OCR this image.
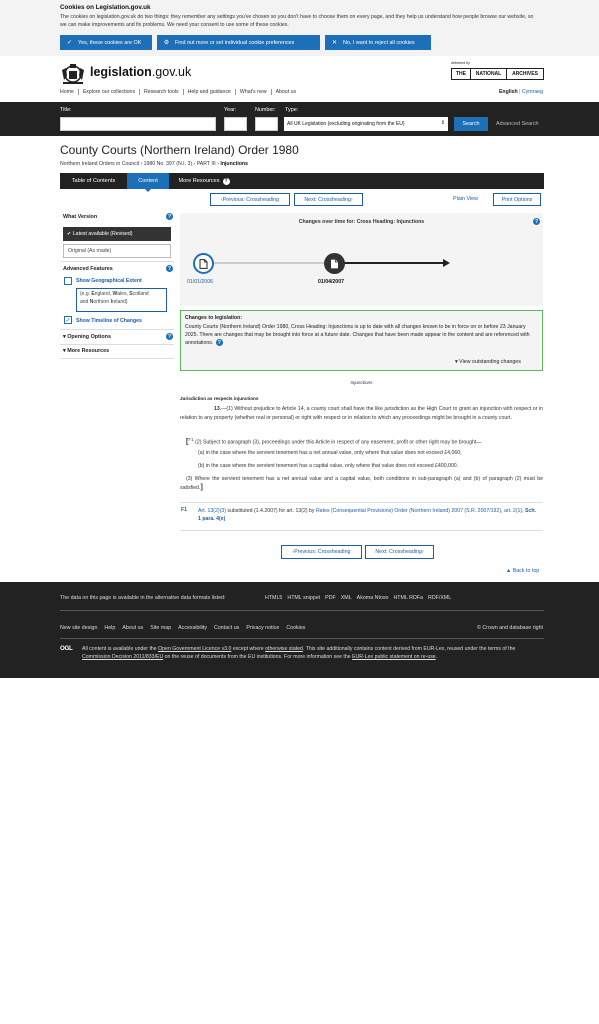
Cookies on Legislation.gov.uk
The cookies on legislation.gov.uk do two things: they remember any settings you've chosen so you don't have to choose them on every page, and they help us understand how people browse our website, so we can make improvements and fix problems. We need your consent to use some of these cookies.
✓ Yes, these cookies are OK	⚙ Find out more or set individual cookie preferences	✕ No, I want to reject all cookies
legislation.gov.uk
delivered by
THE	NATIONAL	ARCHIVES
Home	Explore our collections	Research tools	Help and guidance	What's new	About us	English | Cymraeg
Title:	Year:	Number: Type:
All UK Legislation (excluding originating from the EU)	⇕	Search	Advanced Search
County Courts (Northern Ireland) Order 1980
Northern Ireland Orders in Council › 1980 No. 397 (N.I. 3) › PART III › Injunctions
Table of Contents	Content	More Resources ?
‹ Previous: Crossheading	Next: Crossheading ›	Plain View	Print Options
What Version	?
✔ Latest available (Revised)
Original (As made)
Advanced Features	?
Show Geographical Extent
(e.g. England, Wales, Scotland
and Northern Ireland)
✓ Show Timeline of Changes
▾ Opening Options	?
▾ More Resources
Changes over time for: Cross Heading: Injunctions	?
01/01/2006	01/04/2007
Changes to legislation:
County Courts (Northern Ireland) Order 1980, Cross Heading: Injunctions is up to date with all changes known to be in force on or before 23 January 2025. There are changes that may be brought into force at a future date. Changes that have been made appear in the content and are referenced with annotations. ?
▾ View outstanding changes
Injunctions
Jurisdiction as respects injunctions
13.—(1) Without prejudice to Article 14, a county court shall have the like jurisdiction as the High Court to grant an injunction with respect or in relation to any property (whether real or personal) or right with respect or in relation to which any proceedings might be brought in a county court.
[$^{F1}$ (2) Subject to paragraph (3), proceedings under this Article in respect of any easement, profit or other right may be brought—
(a) in the case where the servient tenement has a net annual value, only where that value does not exceed £4,060;
(b) in the case where the servient tenement has a capital value, only where that value does not exceed £400,000.
(3) Where the servient tenement has a net annual value and a capital value, both conditions in sub-paragraph (a) and (b) of paragraph (2) must be satisfied.]
F1 Art. 13(2)(3) substituted (1.4.2007) for art. 13(2) by Rates (Consequential Provisions) Order (Northern Ireland) 2007 (S.R. 2007/192), art. 2(1), Sch. 1 para. 4(e)
‹ Previous: Crossheading	Next: Crossheading ›
▲ Back to top
The data on this page is available in the alternative data formats listed:	HTML5 HTML snippet PDF XML Akoma Ntoso HTML RDFa RDF/XML
New site design Help About us Site map Accessibility Contact us Privacy notice Cookies	© Crown and database right
OGL All content is available under the Open Government Licence v3.0 except where otherwise stated. This site additionally contains content derived from EUR-Lex, reused under the terms of the Commission Decision 2011/833/EU on the reuse of documents from the EU institutions. For more information see the EUR-Lex public statement on re-use.
